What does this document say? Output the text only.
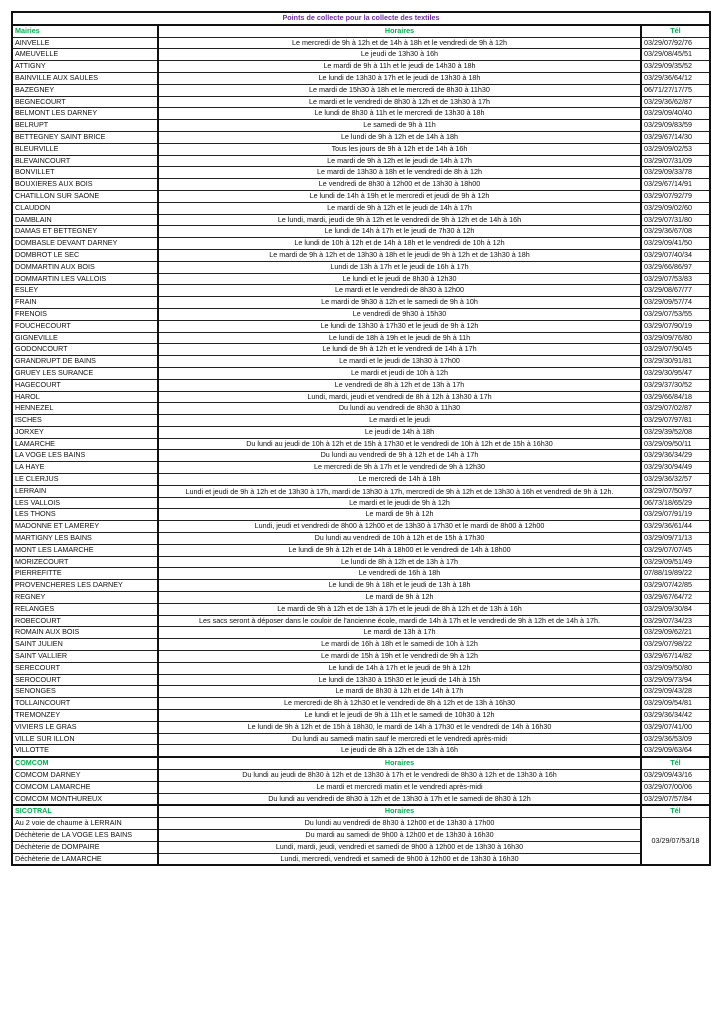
Points de collecte pour la collecte des textiles		
Mairies	Horaires	Tél
AINVELLE	Le mercredi de 9h à 12h et de 14h à 18h et le vendredi de 9h à 12h	03/29/07/92/76
AMEUVELLE	Le jeudi de 13h30 à 16h	03/29/08/45/51
ATTIGNY	Le mardi de 9h à 11h et le jeudi de 14h30 à 18h	03/29/09/35/52
BAINVILLE AUX SAULES	Le lundi de 13h30 à 17h et le jeudi de 13h30 à 18h	03/29/36/64/12
BAZEGNEY	Le mardi de 15h30 à 18h et le mercredi de 8h30 à 11h30	06/71/27/17/75
BEGNECOURT	Le mardi et le vendredi de 8h30 à 12h et de 13h30 à 17h	03/29/36/62/87
BELMONT LES DARNEY	Le lundi de 8h30 à 11h et le mercredi de 13h30 à 18h	03/29/09/40/40
BELRUPT	Le samedi de 9h à 11h	03/29/09/83/59
BETTEGNEY SAINT BRICE	Le lundi de 9h à 12h et de 14h à 18h	03/29/67/14/30
BLEURVILLE	Tous les jours de 9h à 12h et de 14h à 16h	03/29/09/02/53
BLEVAINCOURT	Le mardi de 9h à 12h et le jeudi de 14h à 17h	03/29/07/31/09
BONVILLET	Le mardi de 13h30 à 18h et le vendredi de 8h à 12h	03/29/09/33/78
BOUXIERES AUX BOIS	Le vendredi de 8h30 à 12h00 et de 13h30 à 18h00	03/29/67/14/91
CHATILLON SUR SAONE	Le lundi de 14h à 19h et le mercredi et jeudi de 9h à 12h	03/29/07/92/79
CLAUDON	Le mardi de 9h à 12h et le jeudi de 14h à 17h	03/29/09/02/60
DAMBLAIN	Le lundi, mardi, jeudi de 9h à 12h et le vendredi de 9h à 12h et de 14h à 16h	03/29/07/31/80
DAMAS ET BETTEGNEY	Le lundi de 14h à 17h et le jeudi de 7h30 à 12h	03/29/36/67/08
DOMBASLE DEVANT DARNEY	Le lundi de 10h à 12h et de 14h à 18h et le vendredi de 10h à 12h	03/29/09/41/50
DOMBROT LE SEC	Le mardi de 9h à 12h et de 13h30 à 18h et le jeudi de 9h à 12h et de 13h30 à 18h	03/29/07/40/34
DOMMARTIN AUX BOIS	Lundi de 13h à 17h et le jeudi de 16h à 17h	03/29/66/86/97
DOMMARTIN LES VALLOIS	Le lundi et le jeudi de 8h30 à 12h30	03/29/07/53/83
ESLEY	Le mardi et le vendredi de 8h30 à 12h00	03/29/08/67/77
FRAIN	Le mardi de 9h30 à 12h et le samedi de 9h à 10h	03/29/09/57/74
FRENOIS	Le vendredi de 9h30 à 15h30	03/29/07/53/55
FOUCHECOURT	Le lundi de 13h30 à 17h30 et le jeudi de 9h à 12h	03/29/07/90/19
GIGNEVILLE	Le lundi de 18h à 19h et le jeudi de 9h à 11h	03/29/09/76/80
GODONCOURT	Le lundi de 9h à 12h et le vendredi de 14h à 17h	03/29/07/90/45
GRANDRUPT DE BAINS	Le mardi et le jeudi de 13h30 à 17h00	03/29/30/91/81
GRUEY LES SURANCE	Le mardi et jeudi de 10h à 12h	03/29/30/95/47
HAGECOURT	Le vendredi de 8h à 12h et de 13h à 17h	03/29/37/30/52
HAROL	Lundi, mardi, jeudi et vendredi de 8h à 12h à 13h30 à 17h	03/29/66/84/18
HENNEZEL	Du lundi au vendredi de 8h30 à 11h30	03/29/07/02/87
ISCHES	Le mardi et le jeudi	03/29/07/97/81
JORXEY	Le jeudi de 14h à 18h	03/29/39/52/08
LAMARCHE	Du lundi au jeudi de 10h à 12h et de 15h à 17h30 et le vendredi de 10h à 12h et de 15h à 16h30	03/29/09/50/11
LA VOGE LES BAINS	Du lundi au vendredi de 9h à 12h et de 14h à 17h	03/29/36/34/29
LA HAYE	Le mercredi de 9h à 17h et le vendredi de 9h à 12h30	03/29/30/94/49
LE CLERJUS	Le mercredi de 14h à 18h	03/29/36/32/57
LERRAIN	Lundi et jeudi de 9h à 12h et de 13h30 à 17h, mardi de 13h30 à 17h, mercredi de 9h à 12h et de 13h30 à 16h et vendredi de 9h à 12h.	03/29/07/50/97
LES VALLOIS	Le mardi et le jeudi de 9h à 12h	06/73/18/65/29
LES THONS	Le mardi de 9h à 12h	03/29/07/91/19
MADONNE ET LAMEREY	Lundi, jeudi et vendredi de 8h00 à 12h00 et de 13h30 à 17h30 et le mardi de 8h00 à 12h00	03/29/36/61/44
MARTIGNY LES BAINS	Du lundi au vendredi de 10h à 12h et de 15h à 17h30	03/29/09/71/13
MONT LES LAMARCHE	Le lundi de 9h à 12h et de 14h à 18h00 et le vendredi de 14h à 18h00	03/29/07/07/45
MORIZECOURT	Le lundi de 8h à 12h et de 13h à 17h	03/29/09/51/49
PIERREFITTE	Le vendredi de 16h à 18h	07/88/19/89/22
PROVENCHERES LES DARNEY	Le lundi de 9h à 18h et le jeudi de 13h à 18h	03/29/07/42/85
REGNEY	Le mardi de 9h à 12h	03/29/67/64/72
RELANGES	Le mardi de 9h à 12h et de 13h à 17h et le jeudi de 8h à 12h et de 13h à 16h	03/29/09/30/84
ROBECOURT	Les sacs seront à déposer dans le couloir de l'ancienne école, mardi de 14h à 17h et le vendredi de 9h à 12h et de 14h à 17h.	03/29/07/34/23
ROMAIN AUX BOIS	Le mardi de 13h à 17h	03/29/09/62/21
SAINT JULIEN	Le mardi de 16h à 18h et le samedi de 10h à 12h	03/29/07/98/22
SAINT VALLIER	Le mardi de 15h à 19h et le vendredi de 9h à 12h	03/29/67/14/82
SERECOURT	Le lundi de 14h à 17h et le jeudi de 9h à 12h	03/29/09/50/80
SEROCOURT	Le lundi de 13h30 à 15h30 et le jeudi de 14h à 15h	03/29/09/73/94
SENONGES	Le mardi de 8h30 à 12h et de 14h à 17h	03/29/09/43/28
TOLLAINCOURT	Le mercredi de 8h à 12h30 et le vendredi de 8h à 12h et de 13h à 16h30	03/29/09/54/81
TREMONZEY	Le lundi et le jeudi de 9h à 11h et le samedi de 10h30 à 12h	03/29/36/34/42
VIVIERS LE GRAS	Le lundi de 9h à 12h et de 15h à 18h30, le mardi de 14h à 17h30 et le vendredi de 14h à 16h30	03/29/07/41/00
VILLE SUR ILLON	Du lundi au samedi matin sauf le mercredi et le vendredi après-midi	03/29/36/53/09
VILLOTTE	Le jeudi de 8h à 12h et de 13h à 16h	03/29/09/63/64
COMCOM	Horaires	Tél
COMCOM DARNEY	Du lundi au jeudi de 8h30 à 12h et de 13h30 à 17h et le vendredi de 8h30 à 12h et de 13h30 à 16h	03/29/09/43/16
COMCOM LAMARCHE	Le mardi et mercredi matin et le vendredi après-midi	03/29/07/00/06
COMCOM MONTHUREUX	Du lundi au vendredi de 8h30 à 12h et de 13h30 à 17h et le samedi de 8h30 à 12h	03/29/07/57/84
SICOTRAL	Horaires	Tél
Au 2 voie de chaume à LERRAIN	Du lundi au vendredi de 8h30 à 12h00 et de 13h30 à 17h00	03/29/07/53/18
Déchèterie de LA VOGE LES BAINS	Du mardi au samedi de 9h00 à 12h00 et de 13h30 à 16h30	
Déchèterie de DOMPAIRE	Lundi, mardi, jeudi, vendredi et samedi de 9h00 à 12h00 et de 13h30 à 16h30	
Déchèterie de LAMARCHE	Lundi, mercredi, vendredi et samedi de 9h00 à 12h00 et de 13h30 à 16h30	
